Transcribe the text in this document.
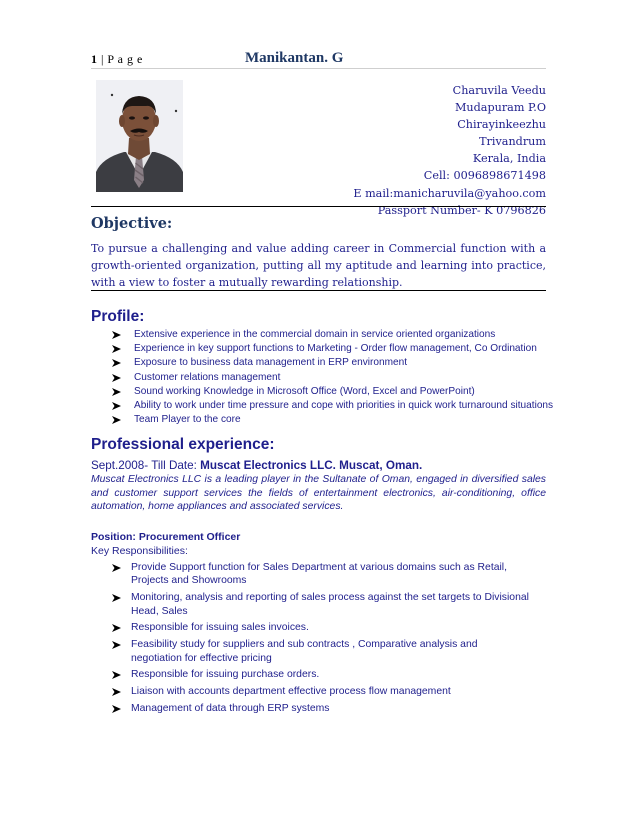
1 | P a g e	Manikantan. G
Charuvila Veedu
Mudapuram P.O
Chirayinkeezhu
Trivandrum
Kerala, India
Cell: 0096898671498
E mail:manicharuvila@yahoo.com
Passport Number- K 0796826
Objective:
To pursue a challenging and value adding career in Commercial function with a growth-oriented organization, putting all my aptitude and learning into practice, with a view to foster a mutually rewarding relationship.
Profile:
Extensive experience in the commercial domain in service oriented organizations
Experience in key support functions to Marketing - Order flow management, Co Ordination
Exposure to business data management in ERP environment
Customer relations management
Sound working Knowledge in Microsoft Office (Word, Excel and PowerPoint)
Ability to work under time pressure and cope with priorities in quick work turnaround situations
Team Player to the core
Professional experience:
Sept.2008- Till Date: Muscat Electronics LLC. Muscat, Oman.
Muscat Electronics LLC is a leading player in the Sultanate of Oman, engaged in diversified sales and customer support services the fields of entertainment electronics, air-conditioning, office automation, home appliances and associated services.
Position: Procurement Officer
Key Responsibilities:
Provide Support function for Sales Department at various domains such as Retail, Projects and Showrooms
Monitoring, analysis and reporting of sales process against the set targets to Divisional Head, Sales
Responsible for issuing sales invoices.
Feasibility study for suppliers and sub contracts , Comparative analysis and negotiation for effective pricing
Responsible for issuing purchase orders.
Liaison with accounts department effective process flow management
Management of data through ERP systems
